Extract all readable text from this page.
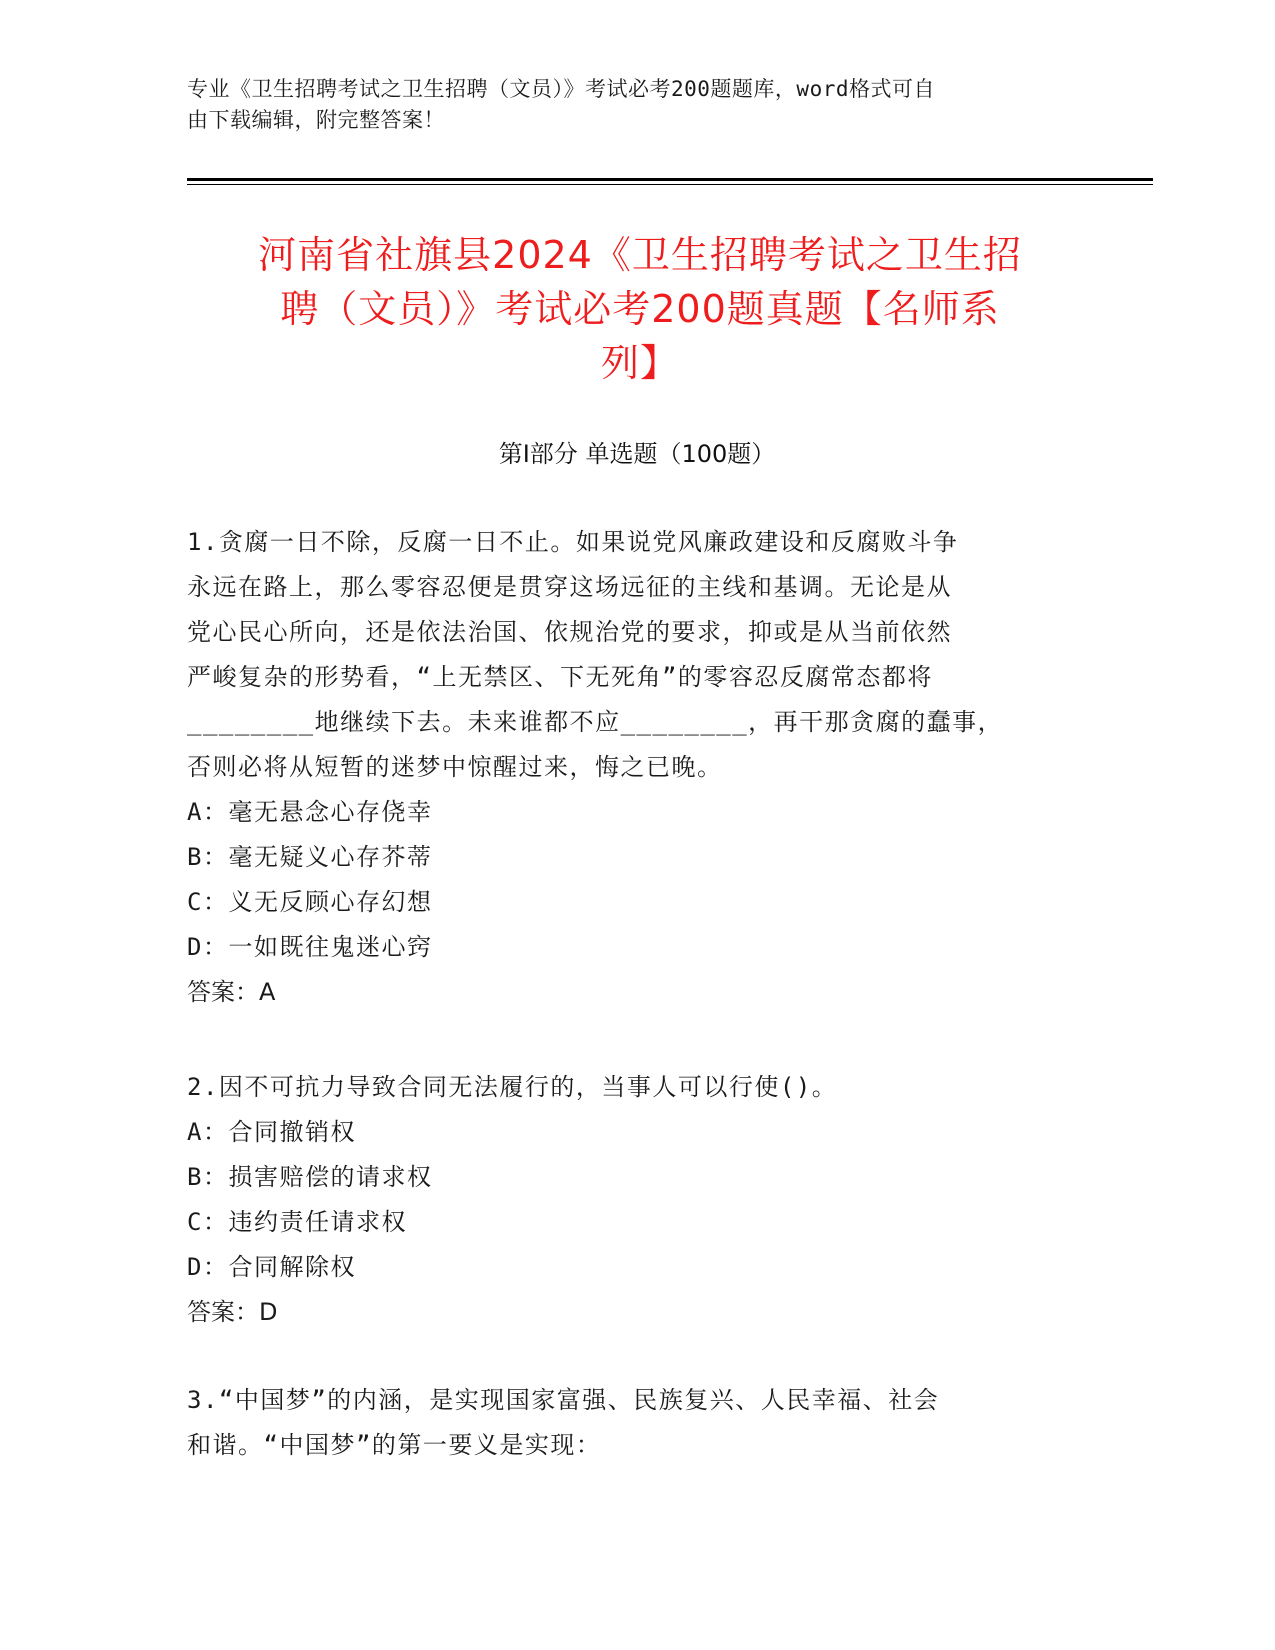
专业《卫生招聘考试之卫生招聘（文员）》考试必考200题题库，word格式可自
由下载编辑，附完整答案！
河南省社旗县2024《卫生招聘考试之卫生招
聘（文员）》考试必考200题真题【名师系
列】
第Ⅰ部分 单选题（100题）
1.贪腐一日不除，反腐一日不止。如果说党风廉政建设和反腐败斗争
永远在路上，那么零容忍便是贯穿这场远征的主线和基调。无论是从
党心民心所向，还是依法治国、依规治党的要求，抑或是从当前依然
严峻复杂的形势看，“上无禁区、下无死角”的零容忍反腐常态都将
________地继续下去。未来谁都不应________，再干那贪腐的蠢事，
否则必将从短暂的迷梦中惊醒过来，悔之已晚。
A：毫无悬念心存侥幸
B：毫无疑义心存芥蒂
C：义无反顾心存幻想
D：一如既往鬼迷心窍
答案：A
2.因不可抗力导致合同无法履行的，当事人可以行使()。
A：合同撤销权
B：损害赔偿的请求权
C：违约责任请求权
D：合同解除权
答案：D
3.“中国梦”的内涵，是实现国家富强、民族复兴、人民幸福、社会
和谐。“中国梦”的第一要义是实现：
